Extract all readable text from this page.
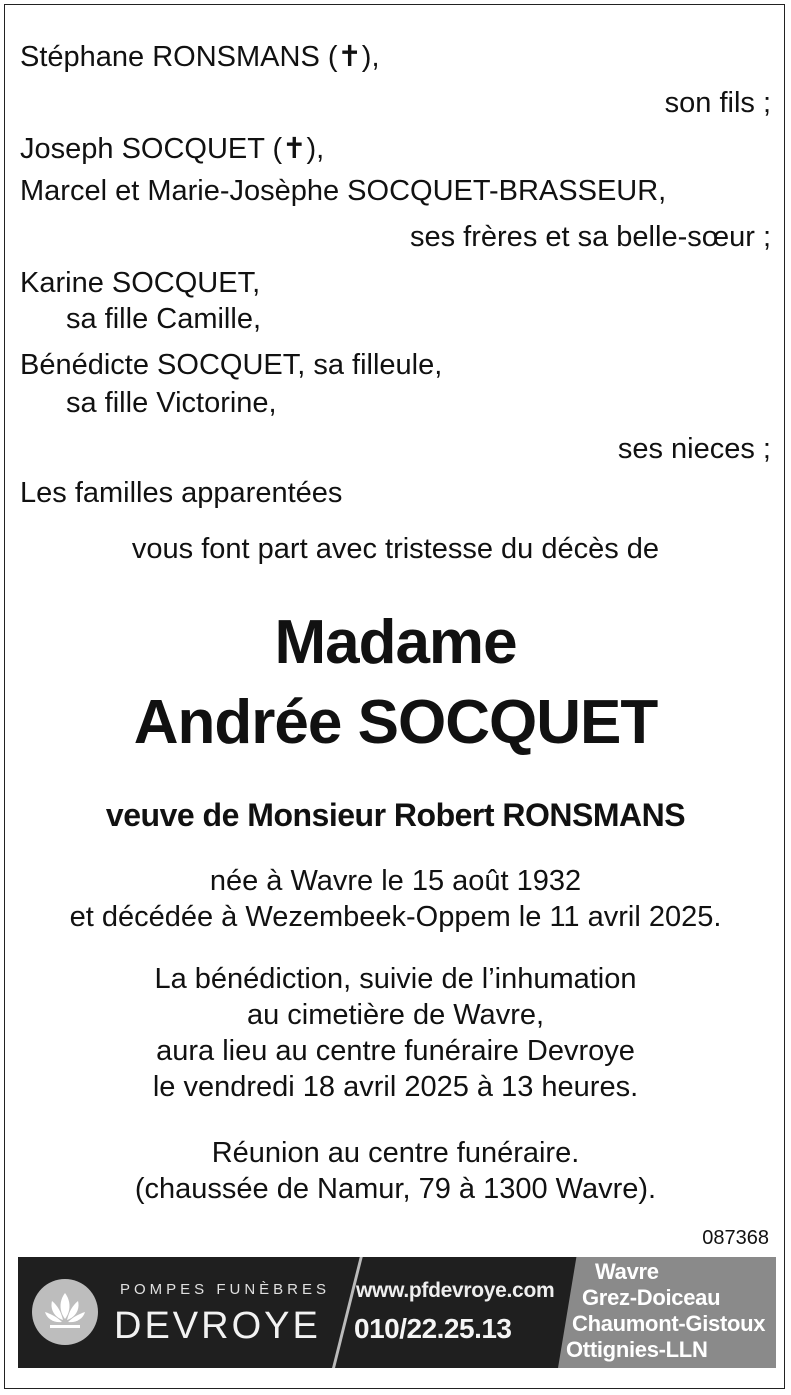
Stéphane RONSMANS (✝),
son fils ;
Joseph SOCQUET (✝),
Marcel et Marie-Josèphe SOCQUET-BRASSEUR,
ses frères et sa belle-sœur ;
Karine SOCQUET,
sa fille Camille,
Bénédicte SOCQUET, sa filleule,
sa fille Victorine,
ses nieces ;
Les familles apparentées
vous font part avec tristesse du décès de
Madame
Andrée SOCQUET
veuve de Monsieur Robert RONSMANS
née à Wavre le 15 août 1932
et décédée à Wezembeek-Oppem le 11 avril 2025.
La bénédiction, suivie de l’inhumation
au cimetière de Wavre,
aura lieu au centre funéraire Devroye
le vendredi 18 avril 2025 à 13 heures.
Réunion au centre funéraire.
(chaussée de Namur, 79 à 1300 Wavre).
087368
POMPES FUNÈBRES
DEVROYE
www.pfdevroye.com
010/22.25.13
Wavre
Grez-Doiceau
Chaumont-Gistoux
Ottignies-LLN
